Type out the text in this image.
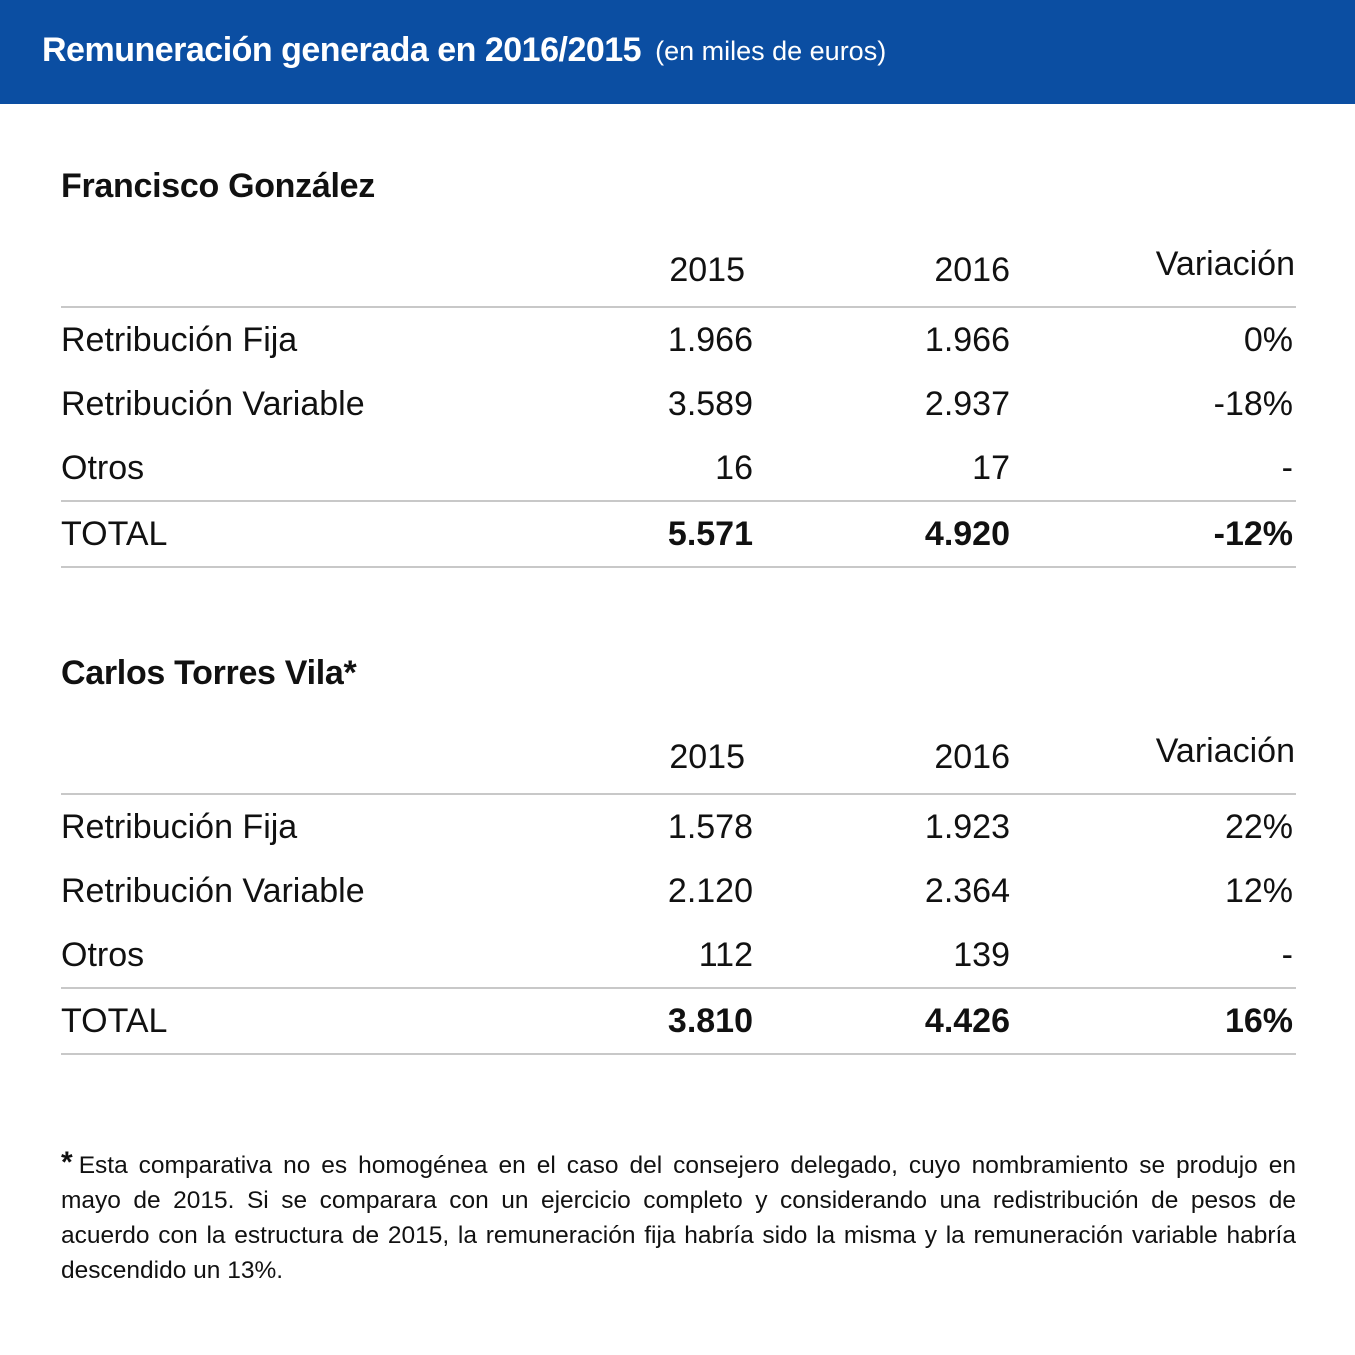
Remuneración generada en 2016/2015 (en miles de euros)
Francisco González
2015	2016	Variación
Retribución Fija	1.966	1.966	0%
Retribución Variable	3.589	2.937	-18%
Otros	16	17	-
TOTAL	5.571	4.920	-12%
Carlos Torres Vila*
2015	2016	Variación
Retribución Fija	1.578	1.923	22%
Retribución Variable	2.120	2.364	12%
Otros	112	139	-
TOTAL	3.810	4.426	16%
* Esta comparativa no es homogénea en el caso del consejero delegado, cuyo nombramiento se produjo en mayo de 2015. Si se comparara con un ejercicio completo y considerando una redistribución de pesos de acuerdo con la estructura de 2015, la remuneración fija habría sido la misma y la remuneración variable habría descendido un 13%.
